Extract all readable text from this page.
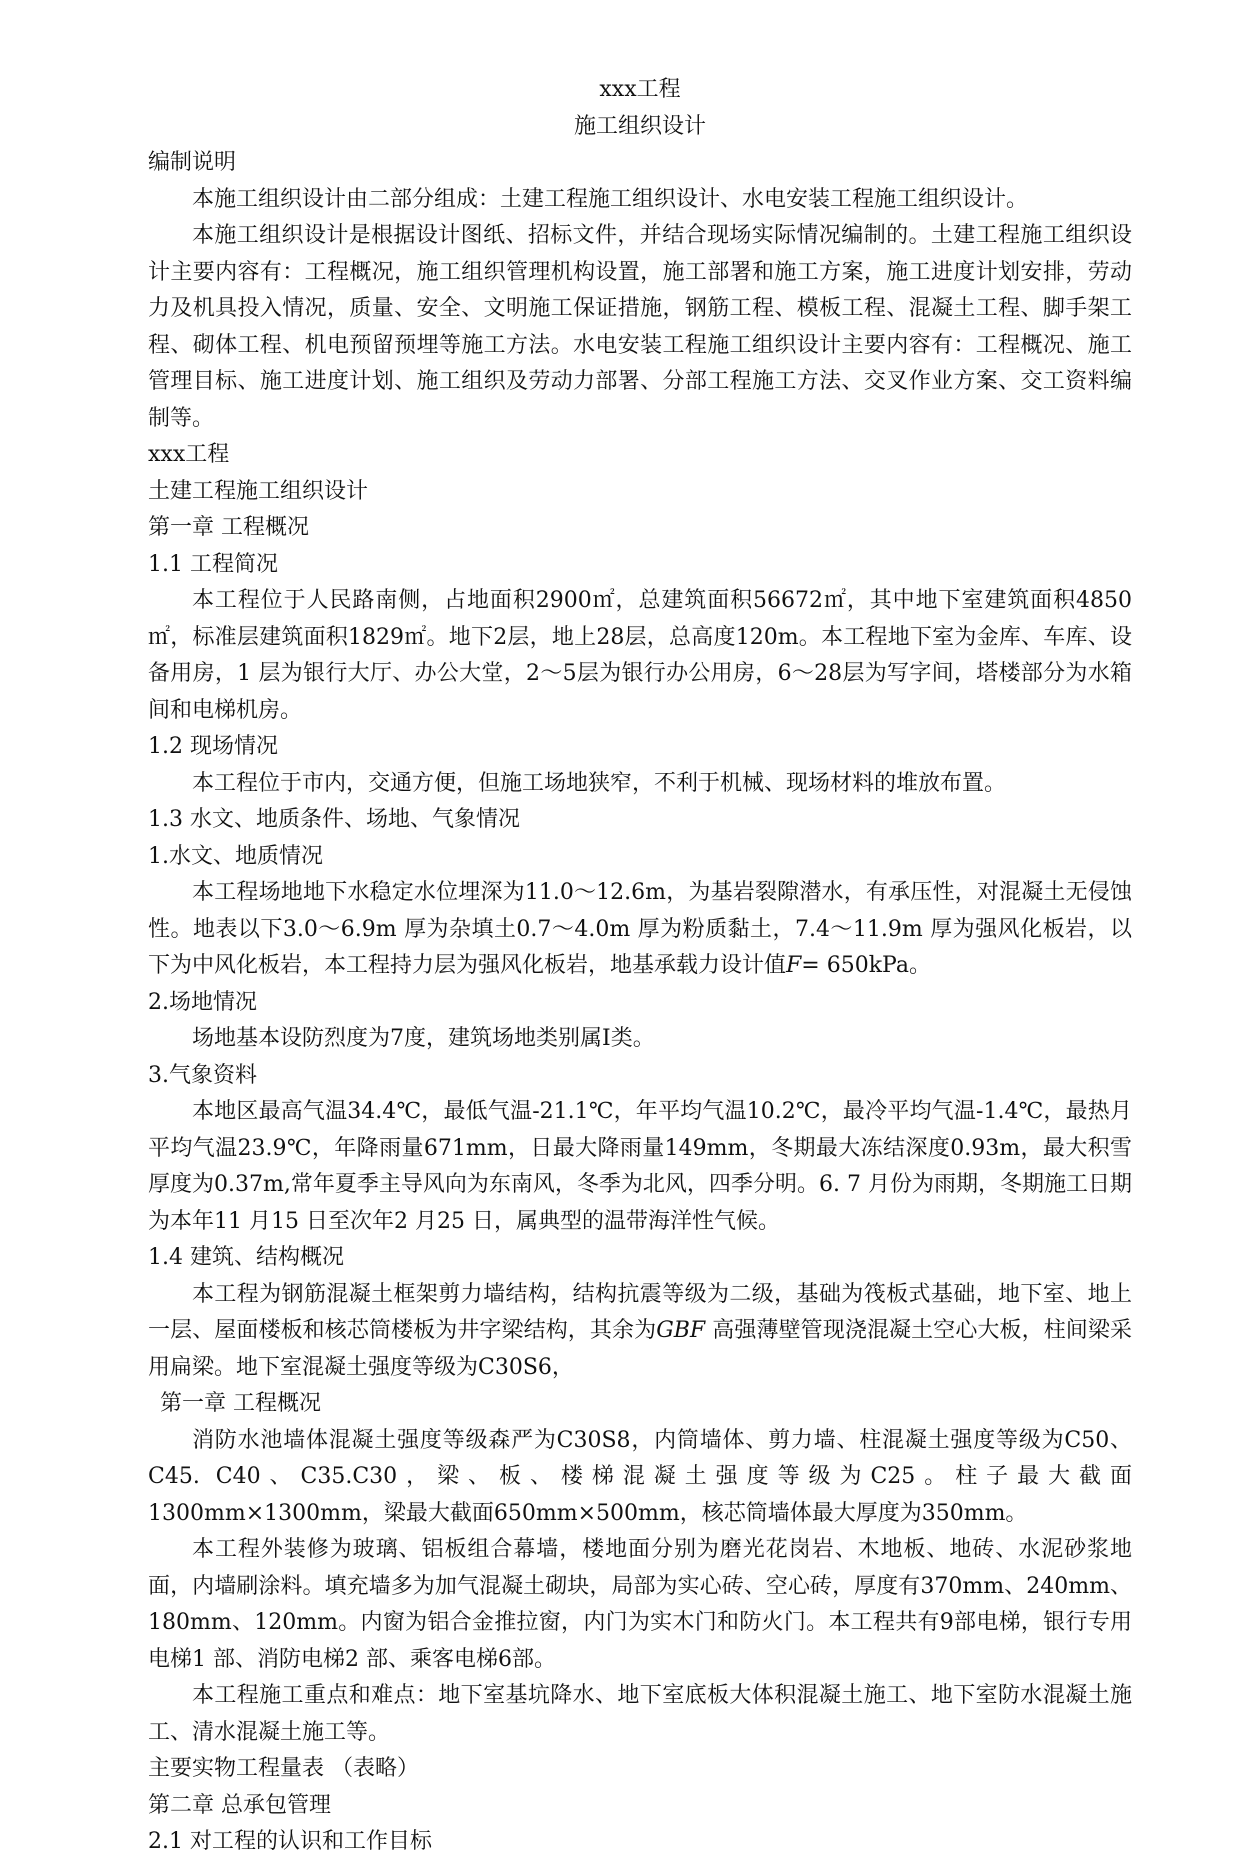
xxx工程

施工组织设计

编制说明

本施工组织设计由二部分组成：土建工程施工组织设计、水电安装工程施工组织设计。

本施工组织设计是根据设计图纸、招标文件，并结合现场实际情况编制的。土建工程施工组织设计主要内容有：工程概况，施工组织管理机构设置，施工部署和施工方案，施工进度计划安排，劳动力及机具投入情况，质量、安全、文明施工保证措施，钢筋工程、模板工程、混凝土工程、脚手架工程、砌体工程、机电预留预埋等施工方法。水电安装工程施工组织设计主要内容有：工程概况、施工管理目标、施工进度计划、施工组织及劳动力部署、分部工程施工方法、交叉作业方案、交工资料编制等。

xxx工程

土建工程施工组织设计

第一章 工程概况

1.1 工程简况

本工程位于人民路南侧，占地面积2900㎡，总建筑面积56672㎡，其中地下室建筑面积4850㎡，标准层建筑面积1829㎡。地下2层，地上28层，总高度120m。本工程地下室为金库、车库、设备用房，1 层为银行大厅、办公大堂，2～5层为银行办公用房，6～28层为写字间，塔楼部分为水箱间和电梯机房。

1.2 现场情况

本工程位于市内，交通方便，但施工场地狭窄，不利于机械、现场材料的堆放布置。

1.3 水文、地质条件、场地、气象情况

1.水文、地质情况

本工程场地地下水稳定水位埋深为11.0～12.6m，为基岩裂隙潜水，有承压性，对混凝土无侵蚀性。地表以下3.0～6.9m 厚为杂填土0.7～4.0m 厚为粉质黏土，7.4～11.9m 厚为强风化板岩，以下为中风化板岩，本工程持力层为强风化板岩，地基承载力设计值F= 650kPa。

2.场地情况

场地基本设防烈度为7度，建筑场地类别属Ⅰ类。

3.气象资料

本地区最高气温34.4℃，最低气温-21.1℃，年平均气温10.2℃，最冷平均气温-1.4℃，最热月平均气温23.9℃，年降雨量671mm，日最大降雨量149mm，冬期最大冻结深度0.93m，最大积雪厚度为0.37m,常年夏季主导风向为东南风，冬季为北风，四季分明。6. 7 月份为雨期，冬期施工日期为本年11 月15 日至次年2 月25 日，属典型的温带海洋性气候。

1.4 建筑、结构概况

本工程为钢筋混凝土框架剪力墙结构，结构抗震等级为二级，基础为筏板式基础，地下室、地上一层、屋面楼板和核芯筒楼板为井字梁结构，其余为GBF 高强薄壁管现浇混凝土空心大板，柱间梁采用扁梁。地下室混凝土强度等级为C30S6，

第一章 工程概况

消防水池墙体混凝土强度等级森严为C30S8，内筒墙体、剪力墙、柱混凝土强度等级为C50、C45. C40、C35.C30，梁、板、楼梯混凝土强度等级为C25。柱子最大截面1300mm×1300mm，梁最大截面650mm×500mm，核芯筒墙体最大厚度为350mm。

本工程外装修为玻璃、铝板组合幕墙，楼地面分别为磨光花岗岩、木地板、地砖、水泥砂浆地面，内墙刷涂料。填充墙多为加气混凝土砌块，局部为实心砖、空心砖，厚度有370mm、240mm、180mm、120mm。内窗为铝合金推拉窗，内门为实木门和防火门。本工程共有9部电梯，银行专用电梯1 部、消防电梯2 部、乘客电梯6部。

本工程施工重点和难点：地下室基坑降水、地下室底板大体积混凝土施工、地下室防水混凝土施工、清水混凝土施工等。

主要实物工程量表 （表略）

第二章 总承包管理

2.1 对工程的认识和工作目标
